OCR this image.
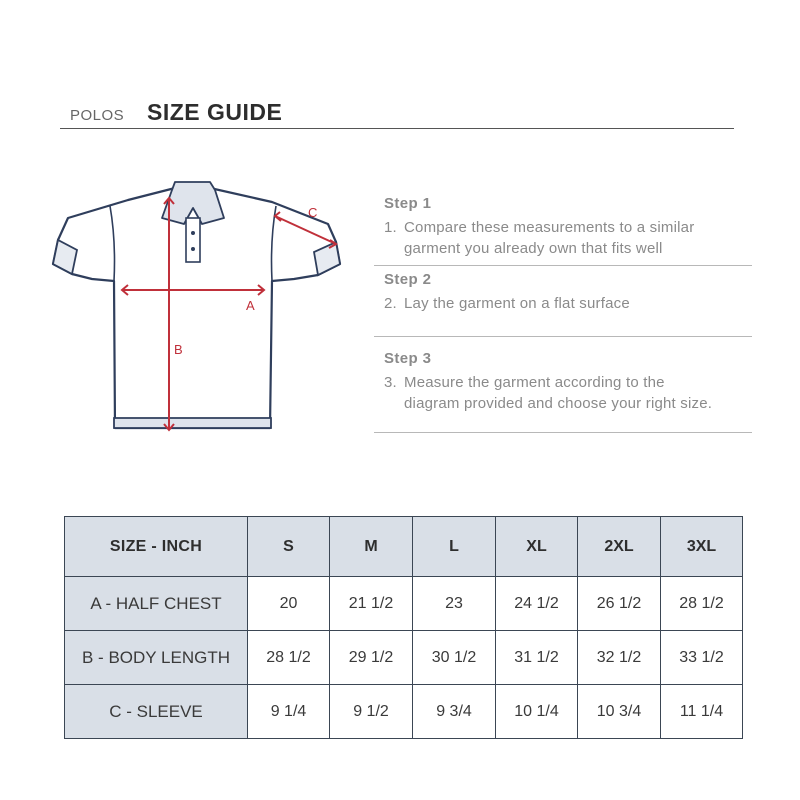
POLOS SIZE GUIDE
A
B
C
Step 1
1. Compare these measurements to a similar
garment you already own that fits well
Step 2
2. Lay the garment on a flat surface
Step 3
3. Measure the garment according to the
diagram provided and choose your right size.
SIZE - INCH	S	M	L	XL	2XL	3XL
A - HALF CHEST	20	21 1/2	23	24 1/2	26 1/2	28 1/2
B - BODY LENGTH	28 1/2	29 1/2	30 1/2	31 1/2	32 1/2	33 1/2
C - SLEEVE	9 1/4	9 1/2	9 3/4	10 1/4	10 3/4	11 1/4
